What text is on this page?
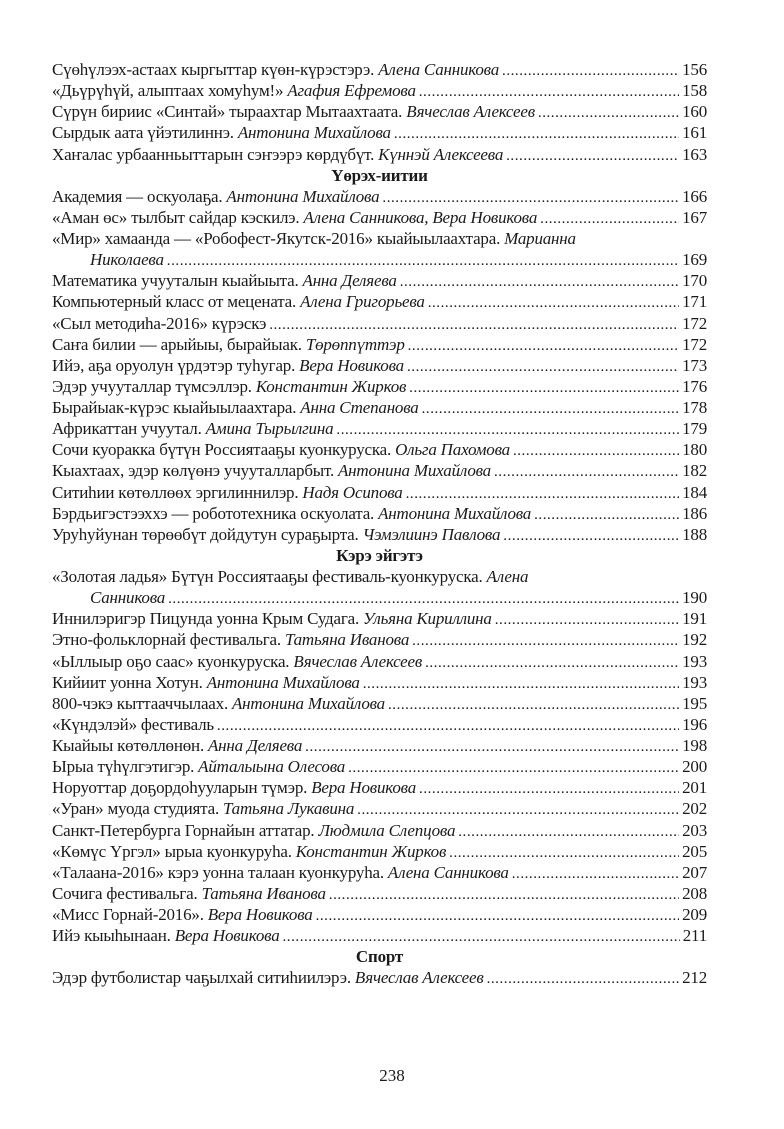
Сүөһүлээх-астаах кыргыттар күөн-күрэстэрэ. Алена Санникова . . .	156
«Дьүрүһүй, алыптаах хомуһум!» Агафия Ефремова . . .	158
Сүрүн бириис «Синтай» тыраахтар Мытаахтаата. Вячеслав Алексеев . . .	160
Сырдык аата үйэтилиннэ. Антонина Михайлова . . .	161
Хаҥалас урбаанньыттарын сэҥээрэ көрдүбүт. Күннэй Алексеева . . .	163
Үөрэх-иитии
Академия — оскуолаҕа. Антонина Михайлова . . .	166
«Аман өс» тылбыт сайдар кэскилэ. Алена Санникова, Вера Новикова . . .	167
«Мир» хамаанда — «Робофест-Якутск-2016» кыайыылаахтара. Марианна
Николаева . . .	169
Математика учууталын кыайыыта. Анна Деляева . . .	170
Компьютерный класс от мецената. Алена Григорьева . . .	171
«Сыл методиһа-2016» күрэскэ . . .	172
Саҥа билии — арыйыы, бырайыак. Төрөппүттэр . . .	172
Ийэ, аҕа оруолун үрдэтэр туһугар. Вера Новикова . . .	173
Эдэр учууталлар түмсэллэр. Константин Жирков . . .	176
Бырайыак-күрэс кыайыылаахтара. Анна Степанова . . .	178
Африкаттан учуутал. Амина Тырылгина . . .	179
Сочи куоракка бүтүн Россиятааҕы куонкуруска. Ольга Пахомова . . .	180
Кыахтаах, эдэр көлүөнэ учууталларбыт. Антонина Михайлова . . .	182
Ситиһии көтөллөөх эргилиннилэр. Надя Осипова . . .	184
Бэрдьигэстээххэ — робототехника оскуолата. Антонина Михайлова . . .	186
Уруһуйунан төрөөбүт дойдутун сураҕырта. Чэмэлиинэ Павлова . . .	188
Кэрэ эйгэтэ
«Золотая ладья» Бүтүн Россиятааҕы фестиваль-куонкуруска. Алена
Санникова . . .	190
Иннилэригэр Пицунда уонна Крым Судага. Ульяна Кириллина . . .	191
Этно-фольклорнай фестивальга. Татьяна Иванова . . .	192
«Ыллыыр оҕо саас» куонкуруска. Вячеслав Алексеев . . .	193
Кийиит уонна Хотун. Антонина Михайлова . . .	193
800-чэкэ кыттааччылаах. Антонина Михайлова . . .	195
«Күндэлэй» фестиваль . . .	196
Кыайыы көтөллөнөн. Анна Деляева . . .	198
Ырыа түһүлгэтигэр. Айталыына Олесова . . .	200
Норуоттар доҕордоһууларын түмэр. Вера Новикова . . .	201
«Уран» муода студията. Татьяна Лукавина . . .	202
Санкт-Петербурга Горнайын аттатар. Людмила Слепцова . . .	203
«Көмүс Үргэл» ырыа куонкуруһа. Константин Жирков . . .	205
«Талаана-2016» кэрэ уонна талаан куонкуруһа. Алена Санникова . . .	207
Сочига фестивальга. Татьяна Иванова . . .	208
«Мисс Горнай-2016». Вера Новикова . . .	209
Ийэ кыыһынаан. Вера Новикова . . .	211
Спорт
Эдэр футболистар чаҕылхай ситиһиилэрэ. Вячеслав Алексеев . . .	212
238
